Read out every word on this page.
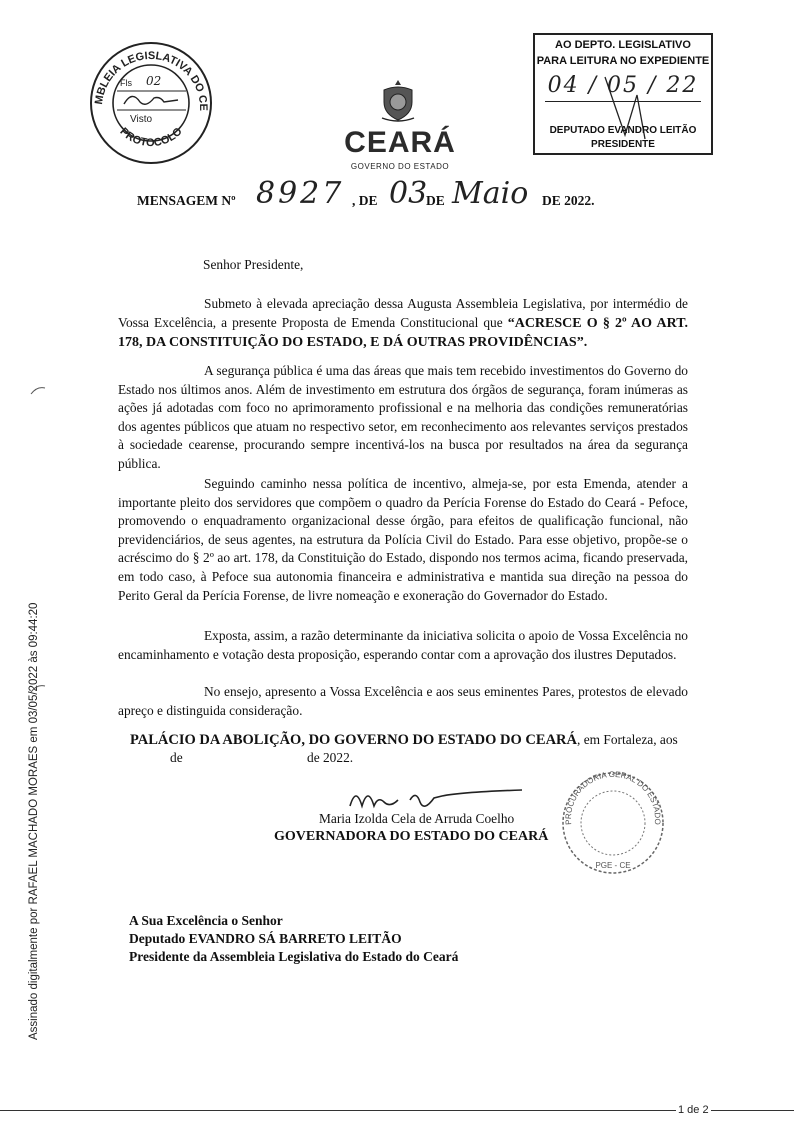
MBLEIA LEGISLATIVA DO CE
PROTOCOLO
Fls 02
Visto
AO DEPTO. LEGISLATIVO
PARA LEITURA NO EXPEDIENTE
04 / 05 / 22
DEPUTADO EVANDRO LEITÃO
PRESIDENTE
CEARÁ
GOVERNO DO ESTADO
MENSAGEM Nº 8927 , DE 03
DE Maio DE 2022.
Senhor Presidente,
Submeto à elevada apreciação dessa Augusta Assembleia Legislativa, por intermédio de Vossa Excelência, a presente Proposta de Emenda Constitucional que “ACRESCE O § 2º AO ART. 178, DA CONSTITUIÇÃO DO ESTADO, E DÁ OUTRAS PROVIDÊNCIAS”.
A segurança pública é uma das áreas que mais tem recebido investimentos do Governo do Estado nos últimos anos. Além de investimento em estrutura dos órgãos de segurança, foram inúmeras as ações já adotadas com foco no aprimoramento profissional e na melhoria das condições remuneratórias dos agentes públicos que atuam no respectivo setor, em reconhecimento aos relevantes serviços prestados à sociedade cearense, procurando sempre incentivá-los na busca por resultados na área da segurança pública.
Seguindo caminho nessa política de incentivo, almeja-se, por esta Emenda, atender a importante pleito dos servidores que compõem o quadro da Perícia Forense do Estado do Ceará - Pefoce, promovendo o enquadramento organizacional desse órgão, para efeitos de qualificação funcional, não previdenciários, de seus agentes, na estrutura da Polícia Civil do Estado. Para esse objetivo, propõe-se o acréscimo do § 2º ao art. 178, da Constituição do Estado, dispondo nos termos acima, ficando preservada, em todo caso, à Pefoce sua autonomia financeira e administrativa e mantida sua direção na pessoa do Perito Geral da Perícia Forense, de livre nomeação e exoneração do Governador do Estado.
Exposta, assim, a razão determinante da iniciativa solicita o apoio de Vossa Excelência no encaminhamento e votação desta proposição, esperando contar com a aprovação dos ilustres Deputados.
No ensejo, apresento a Vossa Excelência e aos seus eminentes Pares, protestos de elevado apreço e distinguida consideração.
PALÁCIO DA ABOLIÇÃO, DO GOVERNO DO ESTADO DO CEARÁ, em Fortaleza, aos
de	de 2022.
Maria Izolda Cela de Arruda Coelho
GOVERNADORA DO ESTADO DO CEARÁ
PROCURADORIA GERAL DO ESTADO
PGE - CE
A Sua Excelência o Senhor
Deputado EVANDRO SÁ BARRETO LEITÃO
Presidente da Assembleia Legislativa do Estado do Ceará
Assinado digitalmente por RAFAEL MACHADO MORAES em 03/05/2022 às 09:44:20
1 de 2
